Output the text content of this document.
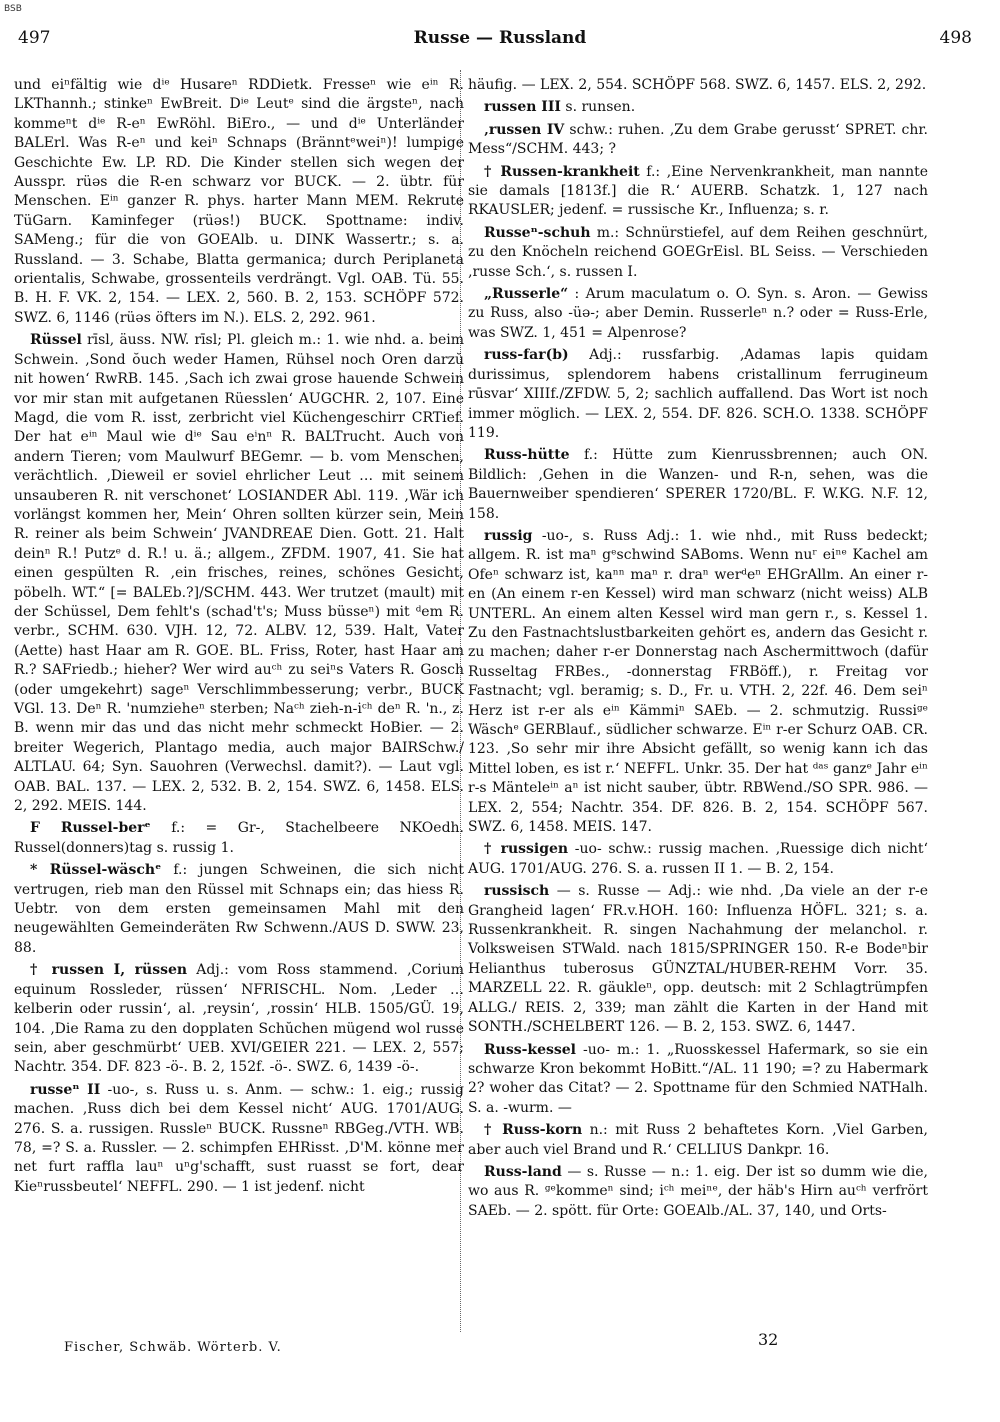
BSB
497	Russe — Russland	498
und eiⁿfältig wie dⁱᵉ Husareⁿ RDDietk. Fresseⁿ wie eⁱⁿ R. LKThannh.; stinkeⁿ EwBreit. Dⁱᵉ Leutᵉ sind die ärgsteⁿ, nach kommeⁿt dⁱᵉ R-eⁿ EwRöhl. BiEro., — und dⁱᵉ Unterländer BALErl. Was R-eⁿ und keiⁿ Schnaps (Bränntᵉweiⁿ)! lumpige Geschichte Ew. LP. RD. Die Kinder stellen sich wegen der Ausspr. rüəs die R-en schwarz vor BUCK. — 2. übtr. für Menschen. Eⁱⁿ ganzer R. phys. harter Mann MEM. Rekrute TüGarn. Kaminfeger (rüəs!) BUCK. Spottname: indiv. SAMeng.; für die von GOEAlb. u. DINK Wassertr.; s. a. Russland. — 3. Schabe, Blatta germanica; durch Periplaneta orientalis, Schwabe, grossenteils verdrängt. Vgl. OAB. Tü. 55. B. H. F. VK. 2, 154. — LEX. 2, 560. B. 2, 153. SCHÖPF 572. SWZ. 6, 1146 (rüəs öfters im N.). ELS. 2, 292. 961.
Rüssel rīsl, äuss. NW. rīsl; Pl. gleich m.: 1. wie nhd. a. beim Schwein. ‚Sond ŏuch weder Hamen, Rühsel noch Oren darzŭ nit howen‘ RwRB. 145. ‚Sach ich zwai grose hauende Schwein vor mir stan mit aufgetanen Rüesslen‘ AUGCHR. 2, 107. Eine Magd, die vom R. isst, zerbricht viel Küchengeschirr CRTief. Der hat eⁱⁿ Maul wie dⁱᵉ Sau eⁱnⁿ R. BALTrucht. Auch von andern Tieren; vom Maulwurf BEGemr. — b. vom Menschen, verächtlich. ‚Dieweil er soviel ehrlicher Leut … mit seinem unsauberen R. nit verschonet‘ LOSIANDER Abl. 119. ‚Wär ich vorlängst kommen her, Mein‘ Ohren sollten kürzer sein, Mein R. reiner als beim Schwein‘ JVANDREAE Dien. Gott. 21. Halt deinⁿ R.! Putzᵉ d. R.! u. ä.; allgem., ZFDM. 1907, 41. Sie hat einen gespülten R. ‚ein frisches, reines, schönes Gesicht, pöbelh. WT.“ [= BALEb.?]/SCHM. 443. Wer trutzet (mault) mit der Schüssel, Dem fehlt's (schad't's; Muss büsseⁿ) mit ᵈem R. verbr., SCHM. 630. VJH. 12, 72. ALBV. 12, 539. Halt, Vater (Aette) hast Haar am R. GOE. BL. Friss, Roter, hast Haar am R.? SAFriedb.; hieher? Wer wird auᶜʰ zu seiⁿs Vaters R. Gosch (oder umgekehrt) sageⁿ Verschlimmbesserung; verbr., BUCK VGl. 13. Deⁿ R. 'numzieheⁿ sterben; Naᶜʰ zieh-n-iᶜʰ deⁿ R. 'n., z. B. wenn mir das und das nicht mehr schmeckt HoBier. — 2. breiter Wegerich, Plantago media, auch major BAIRSchw./ ALTLAU. 64; Syn. Sauohren (Verwechsl. damit?). — Laut vgl. OAB. BAL. 137. — LEX. 2, 532. B. 2, 154. SWZ. 6, 1458. ELS. 2, 292. MEIS. 144.
F Russel-berᵉ f.: = Gr-, Stachelbeere NKOedh. Russel(donners)tag s. russig 1.
* Rüssel-wäschᵉ f.: jungen Schweinen, die sich nicht vertrugen, rieb man den Rüssel mit Schnaps ein; das hiess R. Uebtr. von dem ersten gemeinsamen Mahl mit den neugewählten Gemeinderäten Rw Schwenn./AUS D. SWW. 23, 88.
† russen I, rüssen Adj.: vom Ross stammend. ‚Corium equinum Rossleder, rüssen‘ NFRISCHL. Nom. ‚Leder … kelberin oder russin‘, al. ‚reysin‘, ‚rossin‘ HLB. 1505/GÜ. 19, 104. ‚Die Rama zu den dopplaten Schŭchen mügend wol russe sein, aber geschmürbt‘ UEB. XVI/GEIER 221. — LEX. 2, 557; Nachtr. 354. DF. 823 -ö-. B. 2, 152f. -ö-. SWZ. 6, 1439 -ö-.
russeⁿ II -uo-, s. Russ u. s. Anm. — schw.: 1. eig.; russig machen. ‚Russ dich bei dem Kessel nicht‘ AUG. 1701/AUG. 276. S. a. russigen. Russleⁿ BUCK. Russneⁿ RBGeg./VTH. WB. 78, =? S. a. Russler. — 2. schimpfen EHRisst. ‚D'M. könne mer net furt raffla lauⁿ uⁿg'schafft, sust ruasst se fort, dear Kieⁿrussbeutel‘ NEFFL. 290. — 1 ist jedenf. nicht
häufig. — LEX. 2, 554. SCHÖPF 568. SWZ. 6, 1457. ELS. 2, 292.
russen III s. runsen.
‚russen IV schw.: ruhen. ‚Zu dem Grabe gerusst‘ SPRET. chr. Mess“/SCHM. 443; ?
† Russen-krankheit f.: ‚Eine Nervenkrankheit, man nannte sie damals [1813f.] die R.‘ AUERB. Schatzk. 1, 127 nach RKAUSLER; jedenf. = russische Kr., Influenza; s. r.
Russeⁿ-schuh m.: Schnürstiefel, auf dem Reihen geschnürt, zu den Knöcheln reichend GOEGrEisl. BL Seiss. — Verschieden ‚russe Sch.‘, s. russen I.
„Russerle“ : Arum maculatum o. O. Syn. s. Aron. — Gewiss zu Russ, also -üə-; aber Demin. Russerleⁿ n.? oder = Russ-Erle, was SWZ. 1, 451 = Alpenrose?
russ-far(b) Adj.: russfarbig. ‚Adamas lapis quidam durissimus, splendorem habens cristallinum ferrugineum rūsvar‘ XIIIf./ZFDW. 5, 2; sachlich auffallend. Das Wort ist noch immer möglich. — LEX. 2, 554. DF. 826. SCH.O. 1338. SCHÖPF 119.
Russ-hütte f.: Hütte zum Kienrussbrennen; auch ON. Bildlich: ‚Gehen in die Wanzen- und R-n, sehen, was die Bauernweiber spendieren‘ SPERER 1720/BL. F. W.KG. N.F. 12, 158.
russig -uo-, s. Russ Adj.: 1. wie nhd., mit Russ bedeckt; allgem. R. ist maⁿ gᵉschwind SABoms. Wenn nuʳ eiⁿᵉ Kachel am Ofeⁿ schwarz ist, kaⁿⁿ maⁿ r. draⁿ werᵈeⁿ EHGrAllm. An einer r-en (An einem r-en Kessel) wird man schwarz (nicht weiss) ALB UNTERL. An einem alten Kessel wird man gern r., s. Kessel 1. Zu den Fastnachtslustbarkeiten gehört es, andern das Gesicht r. zu machen; daher r-er Donnerstag nach Aschermittwoch (dafür Russeltag FRBes., -donnerstag FRBöff.), r. Freitag vor Fastnacht; vgl. beramig; s. D., Fr. u. VTH. 2, 22f. 46. Dem seiⁿ Herz ist r-er als eⁱⁿ Kämmiⁿ SAEb. — 2. schmutzig. Russiᵍᵉ Wäschᵉ GERBlauf., südlicher schwarze. Eⁱⁿ r-er Schurz OAB. CR. 123. ‚So sehr mir ihre Absicht gefällt, so wenig kann ich das Mittel loben, es ist r.‘ NEFFL. Unkr. 35. Der hat ᵈᵃˢ ganzᵉ Jahr eⁱⁿ r-s Mänteleⁱⁿ aⁿ ist nicht sauber, übtr. RBWend./SO SPR. 986. — LEX. 2, 554; Nachtr. 354. DF. 826. B. 2, 154. SCHÖPF 567. SWZ. 6, 1458. MEIS. 147.
† russigen -uo- schw.: russig machen. ‚Ruessige dich nicht‘ AUG. 1701/AUG. 276. S. a. russen II 1. — B. 2, 154.
russisch — s. Russe — Adj.: wie nhd. ‚Da viele an der r-e Grangheid lagen‘ FR.v.HOH. 160: Influenza HÖFL. 321; s. a. Russenkrankheit. R. singen Nachahmung der melanchol. r. Volksweisen STWald. nach 1815/SPRINGER 150. R-e Bodeⁿbir Helianthus tuberosus GÜNZTAL/HUBER-REHM Vorr. 35. MARZELL 22. R. gäukleⁿ, opp. deutsch: mit 2 Schlagtrümpfen ALLG./ REIS. 2, 339; man zählt die Karten in der Hand mit SONTH./SCHELBERT 126. — B. 2, 153. SWZ. 6, 1447.
Russ-kessel -uo- m.: 1. „Ruosskessel Hafermark, so sie ein schwarze Kron bekommt HoBitt.“/AL. 11 190; =? zu Habermark 2? woher das Citat? — 2. Spottname für den Schmied NATHalh. S. a. -wurm. —
† Russ-korn n.: mit Russ 2 behaftetes Korn. ‚Viel Garben, aber auch viel Brand und R.‘ CELLIUS Dankpr. 16.
Russ-land — s. Russe — n.: 1. eig. Der ist so dumm wie die, wo aus R. ᵍᵉkommeⁿ sind; iᶜʰ meiⁿᵉ, der häb's Hirn auᶜʰ verfrört SAEb. — 2. spött. für Orte: GOEAlb./AL. 37, 140, und Orts-
Fischer, Schwäb. Wörterb. V.	32
